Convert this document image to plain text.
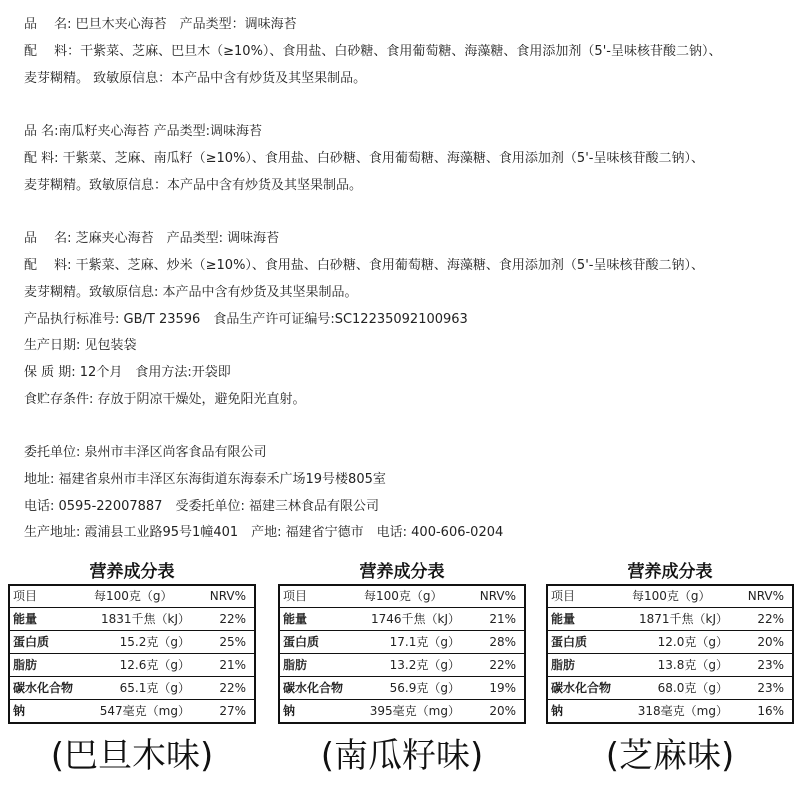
品　 名: 巴旦木夹心海苔　产品类型：调味海苔
配　 料：干紫菜、芝麻、巴旦木（≥10%）、食用盐、白砂糖、食用葡萄糖、海藻糖、食用添加剂（5'-呈味核苷酸二钠）、
麦芽糊精。 致敏原信息：本产品中含有炒货及其坚果制品。
品 名:南瓜籽夹心海苔 产品类型:调味海苔
配 料: 干紫菜、芝麻、南瓜籽（≥10%）、食用盐、白砂糖、食用葡萄糖、海藻糖、食用添加剂（5'-呈味核苷酸二钠）、
麦芽糊精。致敏原信息：本产品中含有炒货及其坚果制品。
品　 名: 芝麻夹心海苔　产品类型: 调味海苔
配　 料: 干紫菜、芝麻、炒米（≥10%）、食用盐、白砂糖、食用葡萄糖、海藻糖、食用添加剂（5'-呈味核苷酸二钠）、
麦芽糊精。致敏原信息: 本产品中含有炒货及其坚果制品。
产品执行标准号: GB/T 23596　食品生产许可证编号:SC12235092100963
生产日期: 见包装袋
保 质 期: 12个月　食用方法:开袋即
食贮存条件: 存放于阴凉干燥处，避免阳光直射。
委托单位: 泉州市丰泽区尚客食品有限公司
地址: 福建省泉州市丰泽区东海街道东海泰禾广场19号楼805室
电话: 0595-22007887　受委托单位: 福建三林食品有限公司
生产地址: 霞浦县工业路95号1幢401　产地: 福建省宁德市　电话: 400-606-0204
营养成分表
项目	每100克（g）	NRV%
能量	1831千焦（kJ）	22%
蛋白质	15.2克（g）	25%
脂肪	12.6克（g）	21%
碳水化合物	65.1克（g）	22%
钠	547毫克（mg）	27%
(巴旦木味)
营养成分表
项目	每100克（g）	NRV%
能量	1746千焦（kJ）	21%
蛋白质	17.1克（g）	28%
脂肪	13.2克（g）	22%
碳水化合物	56.9克（g）	19%
钠	395毫克（mg）	20%
(南瓜籽味)
营养成分表
项目	每100克（g）	NRV%
能量	1871千焦（kJ）	22%
蛋白质	12.0克（g）	20%
脂肪	13.8克（g）	23%
碳水化合物	68.0克（g）	23%
钠	318毫克（mg）	16%
(芝麻味)
